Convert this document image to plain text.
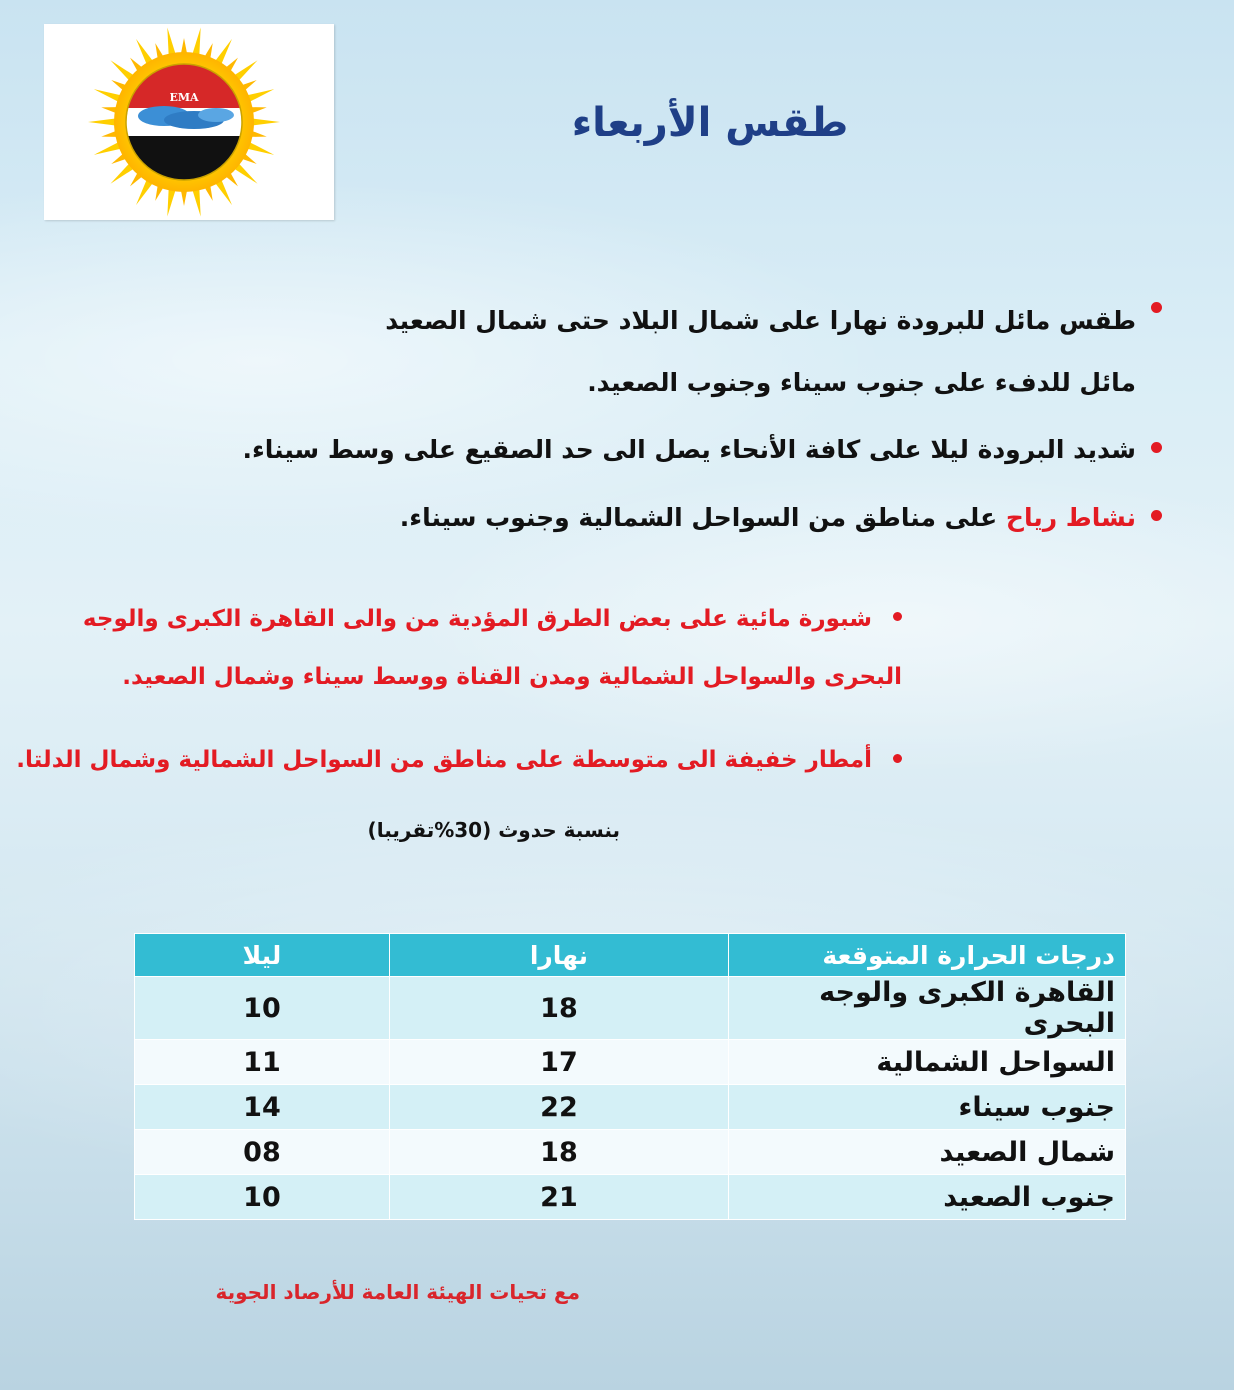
EMA
طقس الأربعاء
طقس مائل للبرودة نهارا على شمال البلاد حتى شمال الصعيد
مائل للدفء على جنوب سيناء وجنوب الصعيد.
شديد البرودة ليلا على كافة الأنحاء يصل الى حد الصقيع على وسط سيناء.
نشاط رياح على مناطق من السواحل الشمالية وجنوب سيناء.
شبورة مائية على بعض الطرق المؤدية من والى القاهرة الكبرى والوجه
البحرى والسواحل الشمالية ومدن القناة ووسط سيناء وشمال الصعيد.
أمطار خفيفة الى متوسطة على مناطق من السواحل الشمالية وشمال الدلتا.
بنسبة حدوث (30%تقريبا)
درجات الحرارة المتوقعة	نهارا	ليلا
القاهرة الكبرى والوجه البحرى	18	10
السواحل الشمالية	17	11
جنوب سيناء	22	14
شمال الصعيد	18	08
جنوب الصعيد	21	10
مع تحيات الهيئة العامة للأرصاد الجوية
